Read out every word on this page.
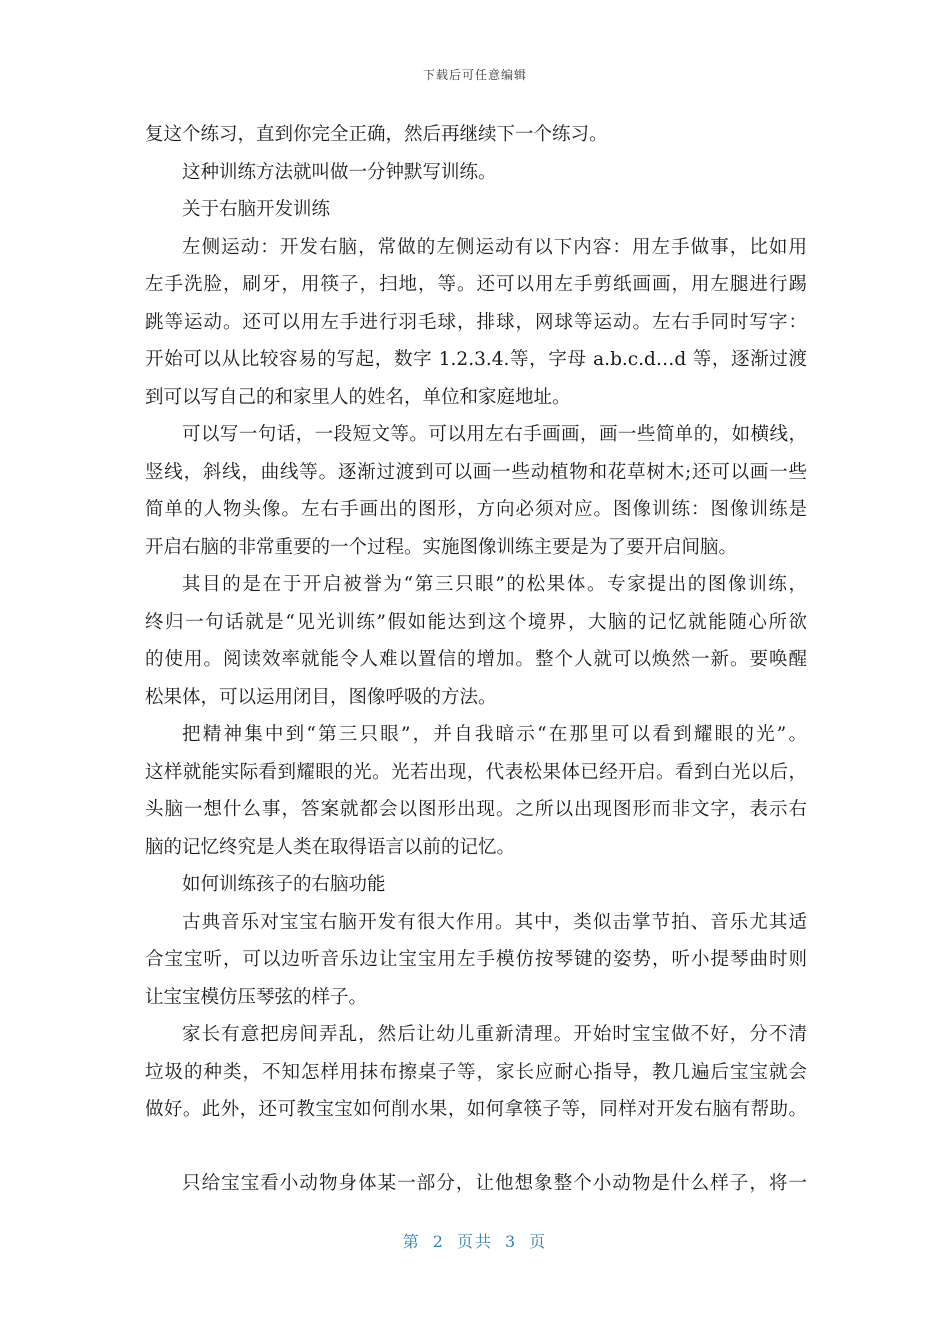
下载后可任意编辑
复这个练习，直到你完全正确，然后再继续下一个练习。
这种训练方法就叫做一分钟默写训练。
关于右脑开发训练
左侧运动：开发右脑，常做的左侧运动有以下内容：用左手做事，比如用
左手洗脸，刷牙，用筷子，扫地，等。还可以用左手剪纸画画，用左腿进行踢
跳等运动。还可以用左手进行羽毛球，排球，网球等运动。左右手同时写字：
开始可以从比较容易的写起，数字 1.2.3.4.等，字母 a.b.c.d…d 等，逐渐过渡
到可以写自己的和家里人的姓名，单位和家庭地址。
可以写一句话，一段短文等。可以用左右手画画，画一些简单的，如横线，
竖线，斜线，曲线等。逐渐过渡到可以画一些动植物和花草树木;还可以画一些
简单的人物头像。左右手画出的图形，方向必须对应。图像训练：图像训练是
开启右脑的非常重要的一个过程。实施图像训练主要是为了要开启间脑。
其目的是在于开启被誉为“第三只眼”的松果体。专家提出的图像训练，
终归一句话就是“见光训练”假如能达到这个境界，大脑的记忆就能随心所欲
的使用。阅读效率就能令人难以置信的增加。整个人就可以焕然一新。要唤醒
松果体，可以运用闭目，图像呼吸的方法。
把精神集中到“第三只眼”，并自我暗示“在那里可以看到耀眼的光”。
这样就能实际看到耀眼的光。光若出现，代表松果体已经开启。看到白光以后，
头脑一想什么事，答案就都会以图形出现。之所以出现图形而非文字，表示右
脑的记忆终究是人类在取得语言以前的记忆。
如何训练孩子的右脑功能
古典音乐对宝宝右脑开发有很大作用。其中，类似击掌节拍、音乐尤其适
合宝宝听，可以边听音乐边让宝宝用左手模仿按琴键的姿势，听小提琴曲时则
让宝宝模仿压琴弦的样子。
家长有意把房间弄乱，然后让幼儿重新清理。开始时宝宝做不好，分不清
垃圾的种类，不知怎样用抹布擦桌子等，家长应耐心指导，教几遍后宝宝就会
做好。此外，还可教宝宝如何削水果，如何拿筷子等，同样对开发右脑有帮助。
只给宝宝看小动物身体某一部分，让他想象整个小动物是什么样子，将一
第 2 页共 3 页
